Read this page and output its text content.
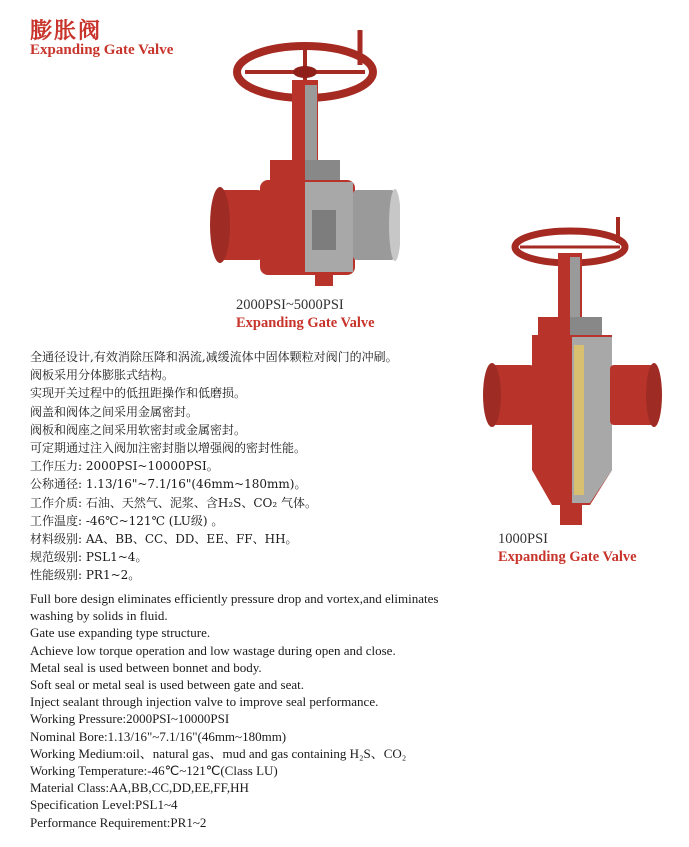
膨胀阀
Expanding Gate Valve
2000PSI~5000PSI
Expanding Gate Valve
1000PSI
Expanding Gate Valve
全通径设计,有效消除压降和涡流,减缓流体中固体颗粒对阀门的冲刷。
阀板采用分体膨胀式结构。
实现开关过程中的低扭距操作和低磨损。
阀盖和阀体之间采用金属密封。
阀板和阀座之间采用软密封或金属密封。
可定期通过注入阀加注密封脂以增强阀的密封性能。
工作压力: 2000PSI~10000PSI。
公称通径: 1.13/16"~7.1/16"(46mm~180mm)。
工作介质: 石油、天然气、泥浆、含H₂S、CO₂ 气体。
工作温度: -46℃~121℃ (LU级) 。
材料级别: AA、BB、CC、DD、EE、FF、HH。
规范级别: PSL1~4。
性能级别: PR1~2。
Full bore design eliminates efficiently pressure drop and vortex,and eliminates
washing by solids in fluid.
Gate use expanding type structure.
Achieve low torque operation and low wastage during open and close.
Metal seal is used between bonnet and body.
Soft seal or metal seal is used between gate and seat.
Inject sealant through injection valve to improve seal performance.
Working Pressure:2000PSI~10000PSI
Nominal Bore:1.13/16"~7.1/16"(46mm~180mm)
Working Medium:oil、natural gas、mud and gas containing H₂S、CO₂
Working Temperature:-46℃~121℃(Class LU)
Material Class:AA,BB,CC,DD,EE,FF,HH
Specification Level:PSL1~4
Performance Requirement:PR1~2
